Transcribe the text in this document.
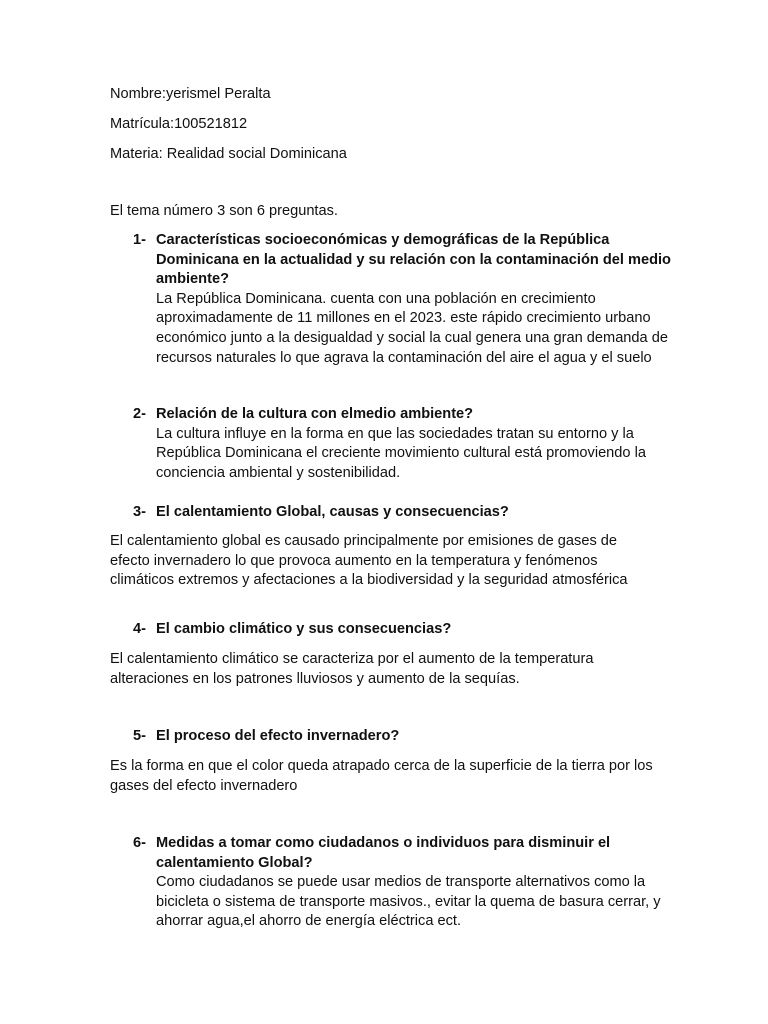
Nombre:yerismel Peralta
Matrícula:100521812
Materia: Realidad social Dominicana
El tema número 3 son 6 preguntas.
1- Características socioeconómicas y demográficas de la República Dominicana en la actualidad y su relación con la contaminación del medio ambiente?
La República Dominicana. cuenta con una población en crecimiento aproximadamente de 11 millones en el 2023. este rápido crecimiento urbano económico junto a la desigualdad y social la cual genera una gran demanda de recursos naturales lo que agrava la contaminación del aire el agua y el suelo
2- Relación de la cultura con elmedio ambiente?
La cultura influye en la forma en que las sociedades tratan su entorno y la República Dominicana el creciente movimiento cultural está promoviendo la conciencia ambiental y sostenibilidad.
3- El calentamiento Global, causas y consecuencias?
El calentamiento global es causado principalmente por emisiones de gases de efecto invernadero lo que provoca aumento en la temperatura y fenómenos climáticos extremos y afectaciones a la biodiversidad y la seguridad atmosférica
4- El cambio climático y sus consecuencias?
El calentamiento climático se caracteriza por el aumento de la temperatura alteraciones en los patrones lluviosos y aumento de la sequías.
5- El proceso del efecto invernadero?
Es la forma en que el color queda atrapado cerca de la superficie de la tierra por los gases del efecto invernadero
6- Medidas a tomar como ciudadanos o individuos para disminuir el calentamiento Global?
Como ciudadanos se puede usar medios de transporte alternativos como la bicicleta o sistema de transporte masivos., evitar la quema de basura cerrar, y ahorrar agua,el ahorro de energía eléctrica ect.
